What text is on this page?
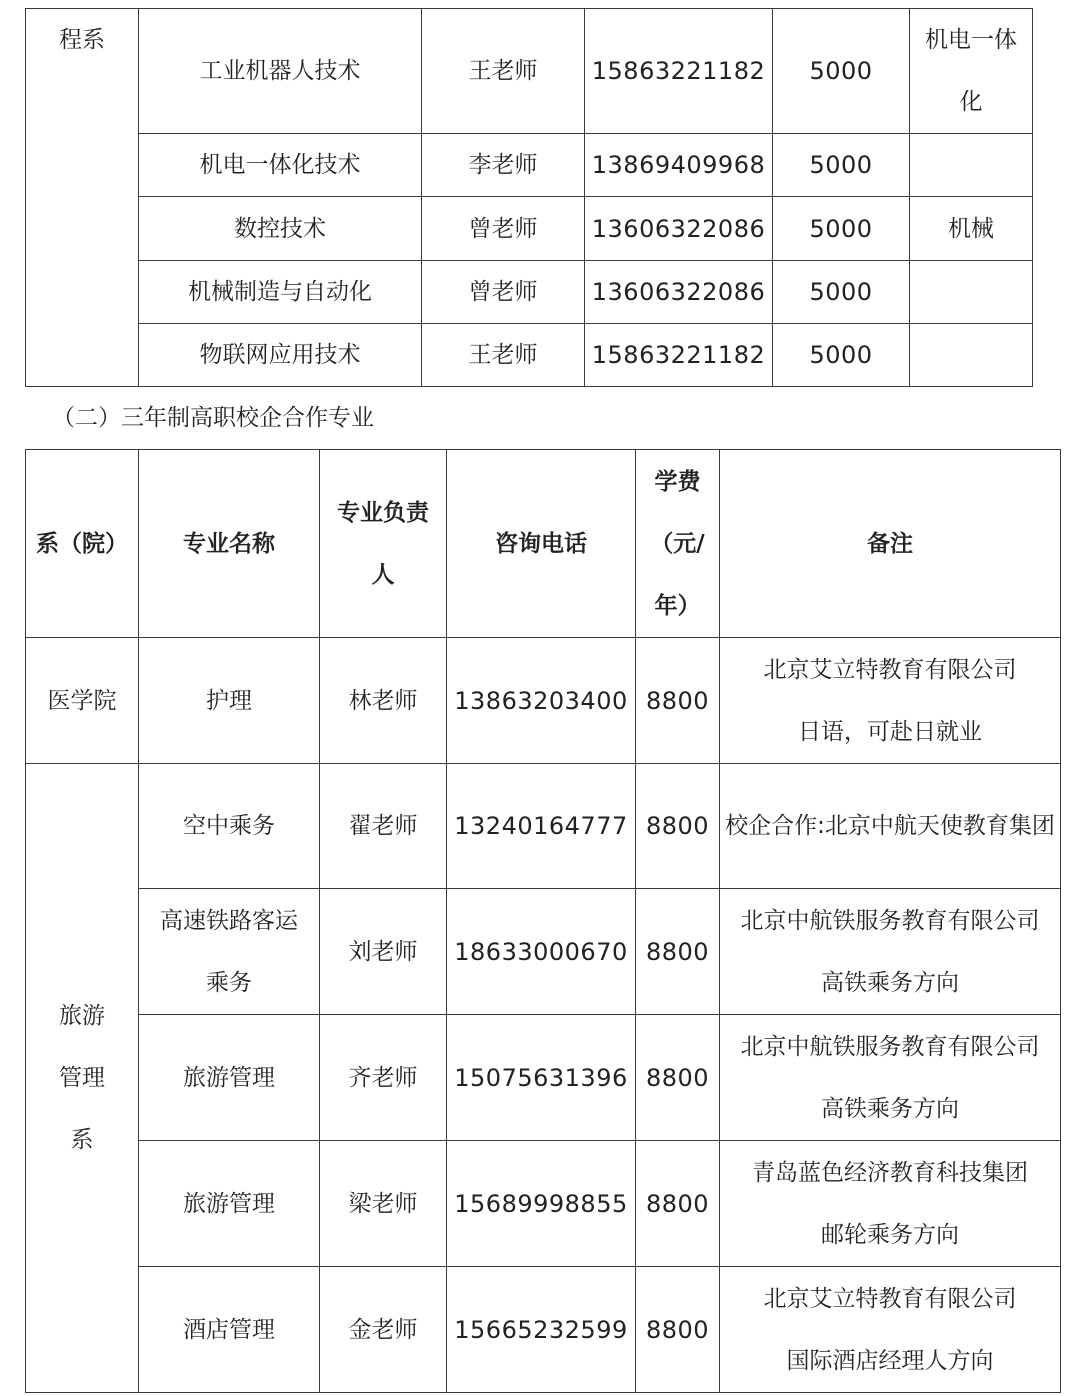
程系	工业机器人技术	王老师	15863221182	5000	机电一体化
	机电一体化技术	李老师	13869409968	5000	
	数控技术	曾老师	13606322086	5000	机械
	机械制造与自动化	曾老师	13606322086	5000	
	物联网应用技术	王老师	15863221182	5000	
（二）三年制高职校企合作专业
系（院）	专业名称	专业负责人	咨询电话	学费（元/年）	备注
医学院	护理	林老师	13863203400	8800	北京艾立特教育有限公司
日语，可赴日就业

旅游管理系	空中乘务	翟老师	13240164777	8800	校企合作:北京中航天使教育集团

	高速铁路客运乘务	刘老师	18633000670	8800	北京中航铁服务教育有限公司
高铁乘务方向

	旅游管理	齐老师	15075631396	8800	北京中航铁服务教育有限公司
高铁乘务方向

	旅游管理	梁老师	15689998855	8800	青岛蓝色经济教育科技集团
邮轮乘务方向

	酒店管理	金老师	15665232599	8800	北京艾立特教育有限公司
国际酒店经理人方向
